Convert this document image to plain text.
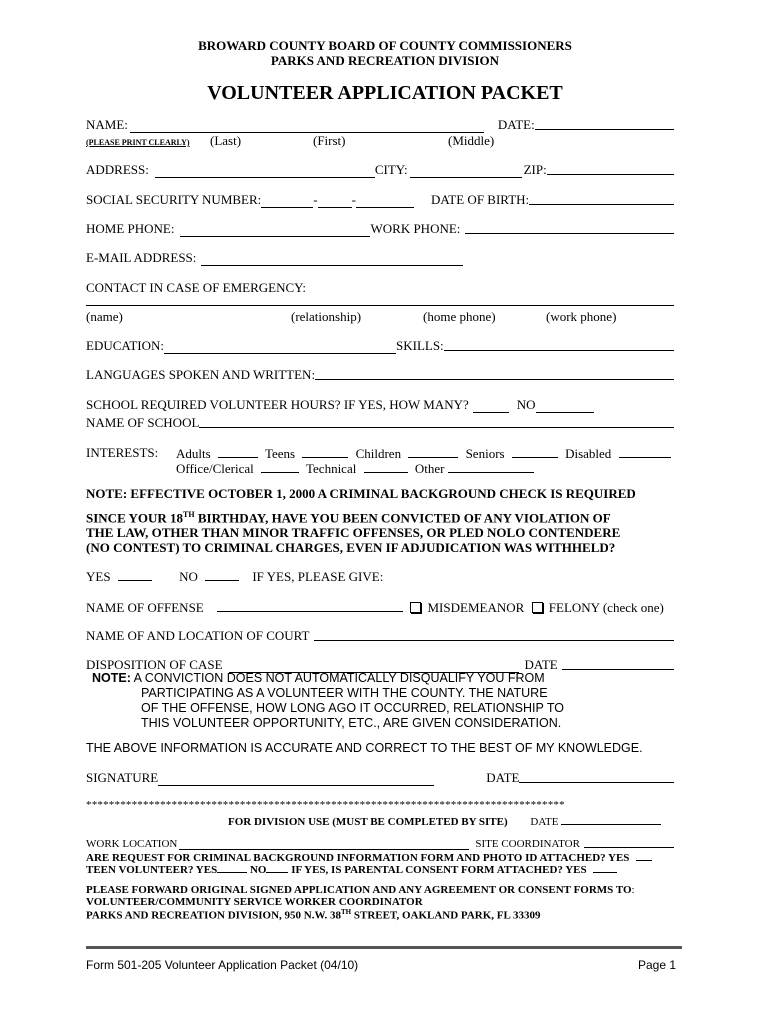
BROWARD COUNTY BOARD OF COUNTY COMMISSIONERS
PARKS AND RECREATION DIVISION
VOLUNTEER APPLICATION PACKET
NAME:	DATE:
(PLEASE PRINT CLEARLY) (Last)	(First)	(Middle)
ADDRESS:	CITY:	ZIP:
SOCIAL SECURITY NUMBER:	-	-	DATE OF BIRTH:
HOME PHONE:	WORK PHONE:
E-MAIL ADDRESS:
CONTACT IN CASE OF EMERGENCY:
(name)	(relationship)	(home phone)	(work phone)
EDUCATION:	SKILLS:
LANGUAGES SPOKEN AND WRITTEN:
SCHOOL REQUIRED VOLUNTEER HOURS? IF YES, HOW MANY?	NO
NAME OF SCHOOL
INTERESTS: Adults	Teens	Children	Seniors	Disabled
Office/Clerical	Technical	Other
NOTE: EFFECTIVE OCTOBER 1, 2000 A CRIMINAL BACKGROUND CHECK IS REQUIRED
SINCE YOUR 18TH BIRTHDAY, HAVE YOU BEEN CONVICTED OF ANY VIOLATION OF
THE LAW, OTHER THAN MINOR TRAFFIC OFFENSES, OR PLED NOLO CONTENDERE
(NO CONTEST) TO CRIMINAL CHARGES, EVEN IF ADJUDICATION WAS WITHHELD?
YES	NO	IF YES, PLEASE GIVE:
NAME OF OFFENSE	MISDEMEANOR FELONY (check one)
NAME OF AND LOCATION OF COURT
DISPOSITION OF CASE	DATE
NOTE: A CONVICTION DOES NOT AUTOMATICALLY DISQUALIFY YOU FROM
PARTICIPATING AS A VOLUNTEER WITH THE COUNTY. THE NATURE
OF THE OFFENSE, HOW LONG AGO IT OCCURRED, RELATIONSHIP TO
THIS VOLUNTEER OPPORTUNITY, ETC., ARE GIVEN CONSIDERATION.
THE ABOVE INFORMATION IS ACCURATE AND CORRECT TO THE BEST OF MY KNOWLEDGE.
SIGNATURE	DATE
************************************************************************************
FOR DIVISION USE (MUST BE COMPLETED BY SITE) DATE
WORK LOCATION	SITE COORDINATOR
ARE REQUEST FOR CRIMINAL BACKGROUND INFORMATION FORM AND PHOTO ID ATTACHED? YES
TEEN VOLUNTEER? YES	NO IF YES, IS PARENTAL CONSENT FORM ATTACHED? YES
PLEASE FORWARD ORIGINAL SIGNED APPLICATION AND ANY AGREEMENT OR CONSENT FORMS TO:
VOLUNTEER/COMMUNITY SERVICE WORKER COORDINATOR
PARKS AND RECREATION DIVISION, 950 N.W. 38TH STREET, OAKLAND PARK, FL 33309
Form 501-205 Volunteer Application Packet (04/10)	Page 1
